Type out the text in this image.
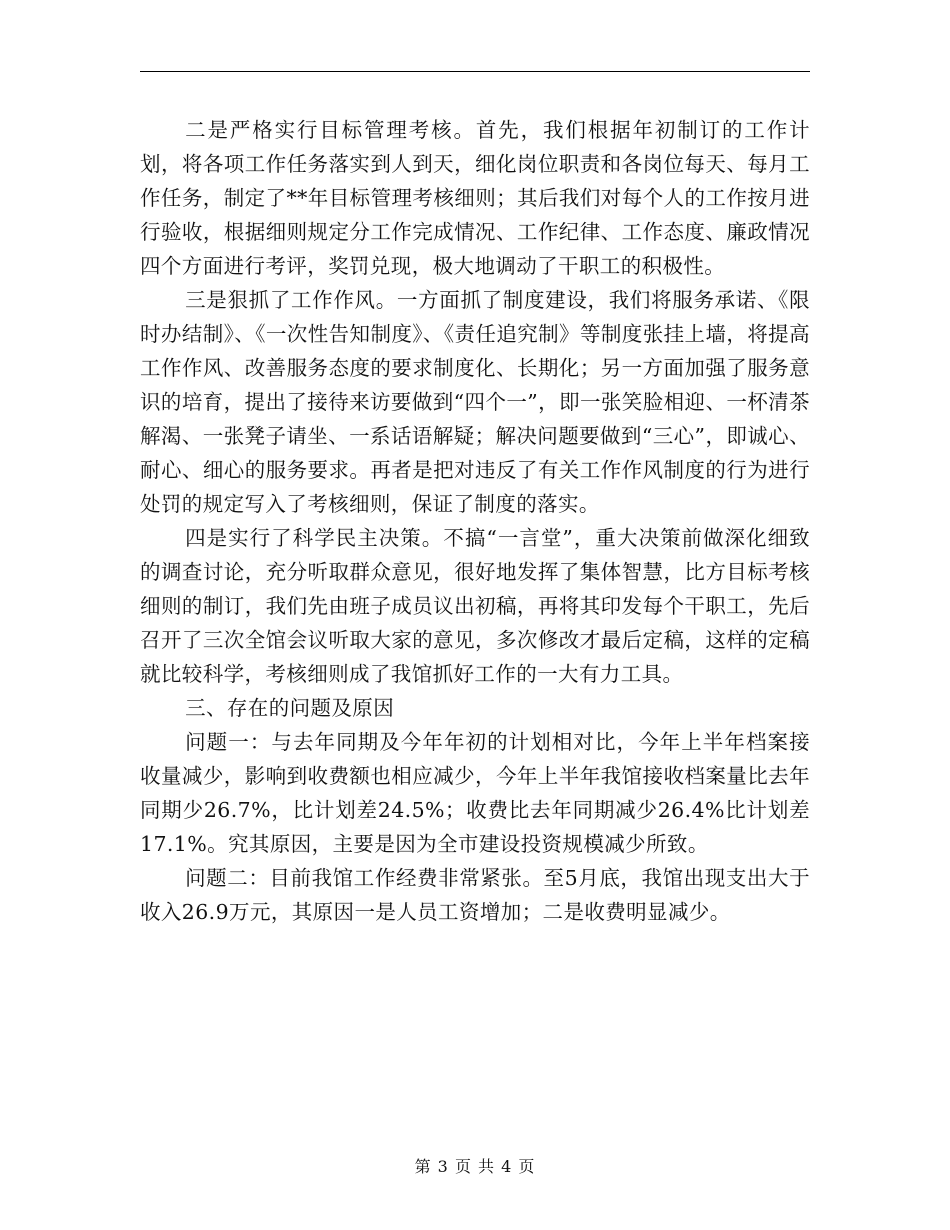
二是严格实行目标管理考核。首先，我们根据年初制订的工作计划，将各项工作任务落实到人到天，细化岗位职责和各岗位每天、每月工作任务，制定了**年目标管理考核细则；其后我们对每个人的工作按月进行验收，根据细则规定分工作完成情况、工作纪律、工作态度、廉政情况四个方面进行考评，奖罚兑现，极大地调动了干职工的积极性。

三是狠抓了工作作风。一方面抓了制度建设，我们将服务承诺、《限时办结制》、《一次性告知制度》、《责任追究制》等制度张挂上墙，将提高工作作风、改善服务态度的要求制度化、长期化；另一方面加强了服务意识的培育，提出了接待来访要做到“四个一”，即一张笑脸相迎、一杯清茶解渴、一张凳子请坐、一系话语解疑；解决问题要做到“三心”，即诚心、耐心、细心的服务要求。再者是把对违反了有关工作作风制度的行为进行处罚的规定写入了考核细则，保证了制度的落实。

四是实行了科学民主决策。不搞“一言堂”，重大决策前做深化细致的调查讨论，充分听取群众意见，很好地发挥了集体智慧，比方目标考核细则的制订，我们先由班子成员议出初稿，再将其印发每个干职工，先后召开了三次全馆会议听取大家的意见，多次修改才最后定稿，这样的定稿就比较科学，考核细则成了我馆抓好工作的一大有力工具。

三、存在的问题及原因

问题一：与去年同期及今年年初的计划相对比，今年上半年档案接收量减少，影响到收费额也相应减少，今年上半年我馆接收档案量比去年同期少26.7%，比计划差24.5%；收费比去年同期减少26.4%比计划差17.1%。究其原因，主要是因为全市建设投资规模减少所致。

问题二：目前我馆工作经费非常紧张。至5月底，我馆出现支出大于收入26.9万元，其原因一是人员工资增加；二是收费明显减少。

第 3 页 共 4 页
